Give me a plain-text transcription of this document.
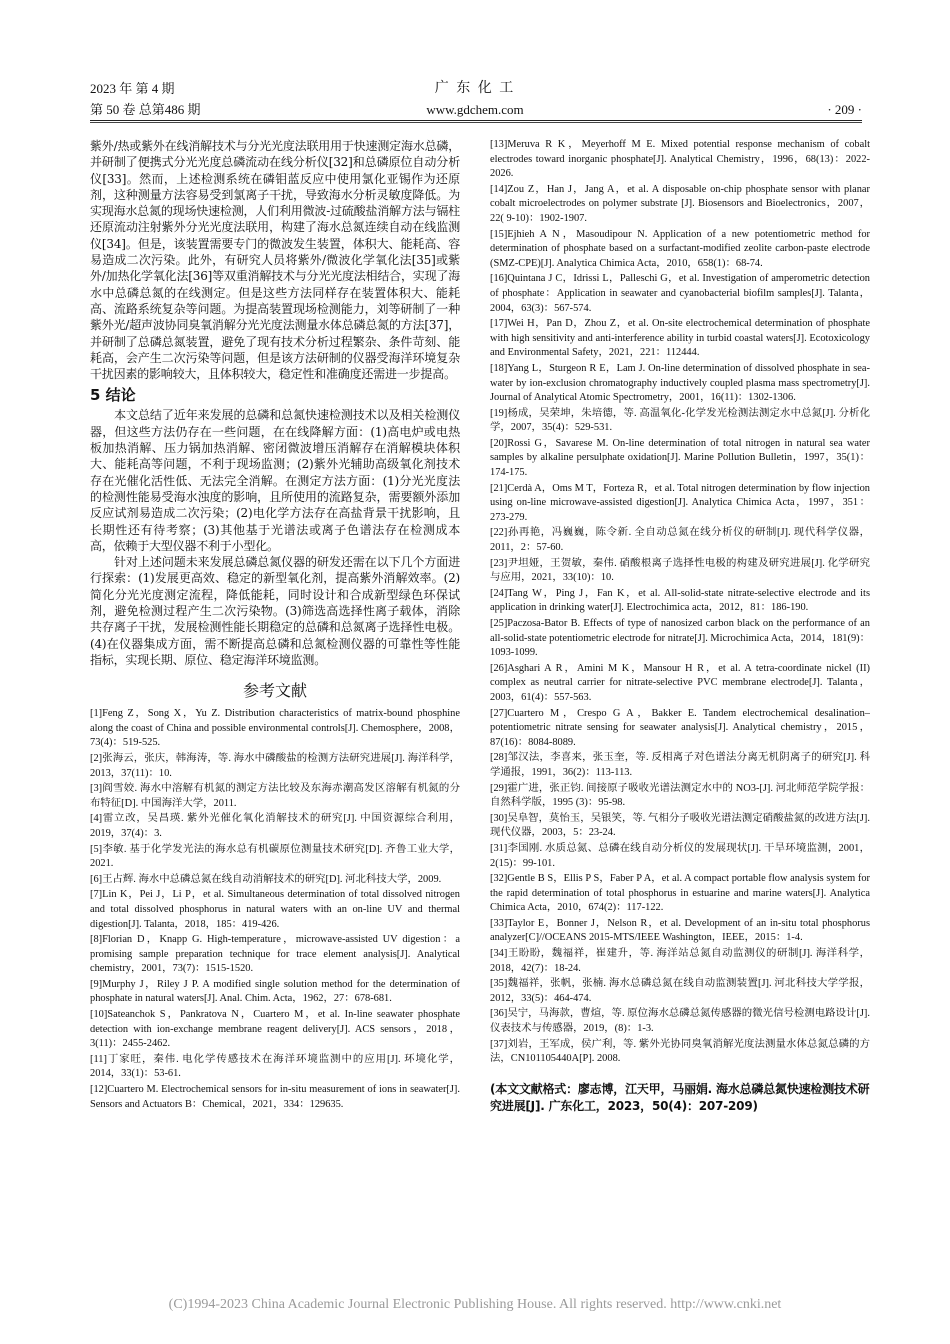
2023 年 第 4 期
第 50 卷 总第486 期
广 东 化 工
www.gdchem.com	· 209 ·

紫外/热或紫外在线消解技术与分光光度法联用用于快速测定海水总磷，并研制了便携式分光光度总磷流动在线分析仪[32]和总磷原位自动分析仪[33]。然而，上述检测系统在磷钼蓝反应中使用氯化亚锡作为还原剂，这种测量方法容易受到氯离子干扰，导致海水分析灵敏度降低。为实现海水总氮的现场快速检测，人们利用微波-过硫酸盐消解方法与镉柱还原流动注射紫外分光光度法联用，构建了海水总氮连续自动在线监测仪[34]。但是，该装置需要专门的微波发生装置，体积大、能耗高、容易造成二次污染。此外，有研究人员将紫外/微波化学氧化法[35]或紫外/加热化学氧化法[36]等双重消解技术与分光光度法相结合，实现了海水中总磷总氮的在线测定。但是这些方法同样存在装置体积大、能耗高、流路系统复杂等问题。为提高装置现场检测能力，刘等研制了一种紫外光/超声波协同臭氧消解分光光度法测量水体总磷总氮的方法[37]，并研制了总磷总氮装置，避免了现有技术分析过程繁杂、条件苛刻、能耗高，会产生二次污染等问题，但是该方法研制的仪器受海洋环境复杂干扰因素的影响较大，且体积较大，稳定性和准确度还需进一步提高。

5 结论

本文总结了近年来发展的总磷和总氮快速检测技术以及相关检测仪器，但这些方法仍存在一些问题，在在线降解方面：(1)高电炉或电热板加热消解、压力锅加热消解、密闭微波增压消解存在消解模块体积大、能耗高等问题，不利于现场监测；(2)紫外光辅助高级氧化剂技术存在光催化活性低、无法完全消解。在测定方法方面：(1)分光光度法的检测性能易受海水浊度的影响，且所使用的流路复杂，需要额外添加反应试剂易造成二次污染；(2)电化学方法存在高盐背景干扰影响，且长期性还有待考察；(3)其他基于光谱法或离子色谱法存在检测成本高，依赖于大型仪器不利于小型化。

针对上述问题未来发展总磷总氮仪器的研发还需在以下几个方面进行探索：(1)发展更高效、稳定的新型氧化剂，提高紫外消解效率。(2)简化分光光度测定流程，降低能耗，同时设计和合成新型绿色环保试剂，避免检测过程产生二次污染物。(3)筛选高选择性离子载体，消除共存离子干扰，发展检测性能长期稳定的总磷和总氮离子选择性电极。(4)在仪器集成方面，需不断提高总磷和总氮检测仪器的可靠性等性能指标，实现长期、原位、稳定海洋环境监测。

参考文献

[1]Feng Z，Song X，Yu Z. Distribution characteristics of matrix-bound phosphine along the coast of China and possible environmental controls[J]. Chemosphere，2008，73(4)：519-525.

[2]张海云，张庆，韩海涛，等. 海水中磷酸盐的检测方法研究进展[J]. 海洋科学，2013，37(11)：10.

[3]阎雪姣. 海水中溶解有机氮的测定方法比较及东海赤潮高发区溶解有机氮的分布特征[D]. 中国海洋大学，2011.

[4]雷立改，吴昌瑛. 紫外光催化氧化消解技术的研究[J]. 中国资源综合利用，2019，37(4)：3.

[5]李敏. 基于化学发光法的海水总有机碳原位测量技术研究[D]. 齐鲁工业大学，2021.

[6]王占辉. 海水中总磷总氮在线自动消解技术的研究[D]. 河北科技大学，2009.

[7]Lin K，Pei J，Li P，et al. Simultaneous determination of total dissolved nitrogen and total dissolved phosphorus in natural waters with an on-line UV and thermal digestion[J]. Talanta，2018，185：419-426.

[8]Florian D，Knapp G. High-temperature，microwave-assisted UV digestion：a promising sample preparation technique for trace element analysis[J]. Analytical chemistry，2001，73(7)：1515-1520.

[9]Murphy J，Riley J P. A modified single solution method for the determination of phosphate in natural waters[J]. Anal. Chim. Acta，1962，27：678-681.

[10]Sateanchok S，Pankratova N，Cuartero M，et al. In-line seawater phosphate detection with ion-exchange membrane reagent delivery[J]. ACS sensors，2018，3(11)：2455-2462.

[11]丁家旺，秦伟. 电化学传感技术在海洋环境监测中的应用[J]. 环境化学，2014，33(1)：53-61.

[12]Cuartero M. Electrochemical sensors for in-situ measurement of ions in seawater[J]. Sensors and Actuators B：Chemical，2021，334：129635.

[13]Meruva R K，Meyerhoff M E. Mixed potential response mechanism of cobalt electrodes toward inorganic phosphate[J]. Analytical Chemistry，1996，68(13)：2022-2026.

[14]Zou Z，Han J，Jang A，et al. A disposable on-chip phosphate sensor with planar cobalt microelectrodes on polymer substrate [J]. Biosensors and Bioelectronics，2007，22( 9-10)：1902-1907.

[15]Ejhieh A N，Masoudipour N. Application of a new potentiometric method for determination of phosphate based on a surfactant-modified zeolite carbon-paste electrode (SMZ-CPE)[J]. Analytica Chimica Acta，2010，658(1)：68-74.

[16]Quintana J C，Idrissi L，Palleschi G，et al. Investigation of amperometric detection of phosphate：Application in seawater and cyanobacterial biofilm samples[J]. Talanta，2004，63(3)：567-574.

[17]Wei H，Pan D，Zhou Z，et al. On-site electrochemical determination of phosphate with high sensitivity and anti-interference ability in turbid coastal waters[J]. Ecotoxicology and Environmental Safety，2021，221：112444.

[18]Yang L，Sturgeon R E，Lam J. On-line determination of dissolved phosphate in sea-water by ion-exclusion chromatography inductively coupled plasma mass spectrometry[J]. Journal of Analytical Atomic Spectrometry，2001，16(11)：1302-1306.

[19]杨成，吴荣坤，朱培德，等. 高温氧化-化学发光检测法测定水中总氮[J]. 分析化学，2007，35(4)：529-531.

[20]Rossi G，Savarese M. On-line determination of total nitrogen in natural sea water samples by alkaline persulphate oxidation[J]. Marine Pollution Bulletin，1997，35(1)：174-175.

[21]Cerdà A，Oms M T，Forteza R，et al. Total nitrogen determination by flow injection using on-line microwave-assisted digestion[J]. Analytica Chimica Acta，1997，351：273-279.

[22]孙再艳，冯巍巍，陈令新. 全自动总氮在线分析仪的研制[J]. 现代科学仪器，2011，2：57-60.

[23]尹坦娅，王贺敏，秦伟. 硝酸根离子选择性电极的构建及研究进展[J]. 化学研究与应用，2021，33(10)：10.

[24]Tang W，Ping J，Fan K，et al. All-solid-state nitrate-selective electrode and its application in drinking water[J]. Electrochimica acta，2012，81：186-190.

[25]Paczosa-Bator B. Effects of type of nanosized carbon black on the performance of an all-solid-state potentiometric electrode for nitrate[J]. Microchimica Acta，2014，181(9)：1093-1099.

[26]Asghari A R，Amini M K，Mansour H R，et al. A tetra-coordinate nickel (II) complex as neutral carrier for nitrate-selective PVC membrane electrode[J]. Talanta，2003，61(4)：557-563.

[27]Cuartero M，Crespo G A，Bakker E. Tandem electrochemical desalination–potentiometric nitrate sensing for seawater analysis[J]. Analytical chemistry，2015，87(16)：8084-8089.

[28]邹汉法，李喜来，张玉奎，等. 反相离子对色谱法分离无机阴离子的研究[J]. 科学通报，1991，36(2)：113-113.

[29]霍广进，张正钧. 间接原子吸收光谱法测定水中的 NO3-[J]. 河北师范学院学报：自然科学版，1995 (3)：95-98.

[30]吴阜智，莫怡玉，吴银笑，等. 气相分子吸收光谱法测定硝酸盐氮的改进方法[J]. 现代仪器，2003，5：23-24.

[31]李国刚. 水质总氮、总磷在线自动分析仪的发展现状[J]. 干旱环境监测，2001，2(15)：99-101.

[32]Gentle B S，Ellis P S，Faber P A，et al. A compact portable flow analysis system for the rapid determination of total phosphorus in estuarine and marine waters[J]. Analytica Chimica Acta，2010，674(2)：117-122.

[33]Taylor E，Bonner J，Nelson R，et al. Development of an in-situ total phosphorus analyzer[C]//OCEANS 2015-MTS/IEEE Washington，IEEE，2015：1-4.

[34]王盼盼，魏福祥，崔建升，等. 海洋站总氮自动监测仪的研制[J]. 海洋科学，2018，42(7)：18-24.

[35]魏福祥，张帆，张楠. 海水总磷总氮在线自动监测装置[J]. 河北科技大学学报，2012，33(5)：464-474.

[36]吴宁，马海款，曹煊，等. 原位海水总磷总氮传感器的微光信号检测电路设计[J]. 仪表技术与传感器，2019，(8)：1-3.

[37]刘岩，王军成，侯广利，等. 紫外光协同臭氧消解光度法测量水体总氮总磷的方法，CN101105440A[P]. 2008.

(本文文献格式：廖志博，江天甲，马丽娟. 海水总磷总氮快速检测技术研究进展[J]. 广东化工，2023，50(4)：207-209)
(C)1994-2023 China Academic Journal Electronic Publishing House. All rights reserved. http://www.cnki.net
